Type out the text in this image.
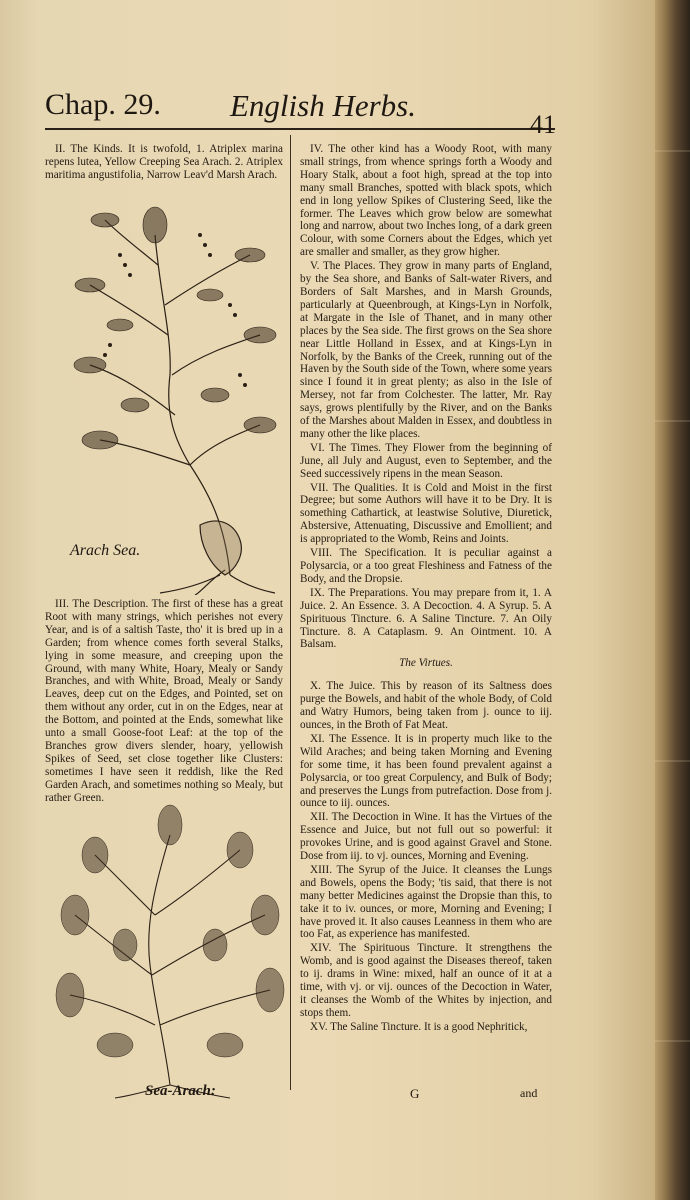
Chap. 29. English Herbs.
41

II. The Kinds. It is twofold, 1. Atriplex marina repens lutea, Yellow Creeping Sea Arach. 2. Atriplex maritima angustifolia, Narrow Leav'd Marsh Arach.

Arach Sea.

III. The Description. The first of these has a great Root with many strings, which perishes not every Year, and is of a saltish Taste, tho' it is bred up in a Garden; from whence comes forth several Stalks, lying in some measure, and creeping upon the Ground, with many White, Hoary, Mealy or Sandy Branches, and with White, Broad, Mealy or Sandy Leaves, deep cut on the Edges, and Pointed, set on them without any order, cut in on the Edges, near at the Bottom, and pointed at the Ends, somewhat like unto a small Goose-foot Leaf: at the top of the Branches grow divers slender, hoary, yellowish Spikes of Seed, set close together like Clusters: sometimes I have seen it reddish, like the Red Garden Arach, and sometimes nothing so Mealy, but rather Green.

Sea-Arach:

IV. The other kind has a Woody Root, with many small strings, from whence springs forth a Woody and Hoary Stalk, about a foot high, spread at the top into many small Branches, spotted with black spots, which end in long yellow Spikes of Clustering Seed, like the former. The Leaves which grow below are somewhat long and narrow, about two Inches long, of a dark green Colour, with some Corners about the Edges, which yet are smaller and smaller, as they grow higher.

V. The Places. They grow in many parts of England, by the Sea shore, and Banks of Salt-water Rivers, and Borders of Salt Marshes, and in Marsh Grounds, particularly at Queenbrough, at Kings-Lyn in Norfolk, at Margate in the Isle of Thanet, and in many other places by the Sea side. The first grows on the Sea shore near Little Holland in Essex, and at Kings-Lyn in Norfolk, by the Banks of the Creek, running out of the Haven by the South side of the Town, where some years since I found it in great plenty; as also in the Isle of Mersey, not far from Colchester. The latter, Mr. Ray says, grows plentifully by the River, and on the Banks of the Marshes about Malden in Essex, and doubtless in many other the like places.

VI. The Times. They Flower from the beginning of June, all July and August, even to September, and the Seed successively ripens in the mean Season.

VII. The Qualities. It is Cold and Moist in the first Degree; but some Authors will have it to be Dry. It is something Cathartick, at leastwise Solutive, Diuretick, Abstersive, Attenuating, Discussive and Emollient; and is appropriated to the Womb, Reins and Joints.

VIII. The Specification. It is peculiar against a Polysarcia, or a too great Fleshiness and Fatness of the Body, and the Dropsie.

IX. The Preparations. You may prepare from it, 1. A Juice. 2. An Essence. 3. A Decoction. 4. A Syrup. 5. A Spirituous Tincture. 6. A Saline Tincture. 7. An Oily Tincture. 8. A Cataplasm. 9. An Ointment. 10. A Balsam.

The Virtues.

X. The Juice. This by reason of its Saltness does purge the Bowels, and habit of the whole Body, of Cold and Watry Humors, being taken from j. ounce to iij. ounces, in the Broth of Fat Meat.

XI. The Essence. It is in property much like to the Wild Araches; and being taken Morning and Evening for some time, it has been found prevalent against a Polysarcia, or too great Corpulency, and Bulk of Body; and preserves the Lungs from putrefaction. Dose from j. ounce to iij. ounces.

XII. The Decoction in Wine. It has the Virtues of the Essence and Juice, but not full out so powerful: it provokes Urine, and is good against Gravel and Stone. Dose from iij. to vj. ounces, Morning and Evening.

XIII. The Syrup of the Juice. It cleanses the Lungs and Bowels, opens the Body; 'tis said, that there is not many better Medicines against the Dropsie than this, to take it to iv. ounces, or more, Morning and Evening; I have proved it. It also causes Leanness in them who are too Fat, as experience has manifested.

XIV. The Spirituous Tincture. It strengthens the Womb, and is good against the Diseases thereof, taken to ij. drams in Wine: mixed, half an ounce of it at a time, with vj. or vij. ounces of the Decoction in Water, it cleanses the Womb of the Whites by injection, and stops them.

XV. The Saline Tincture. It is a good Nephritick,

G	and
